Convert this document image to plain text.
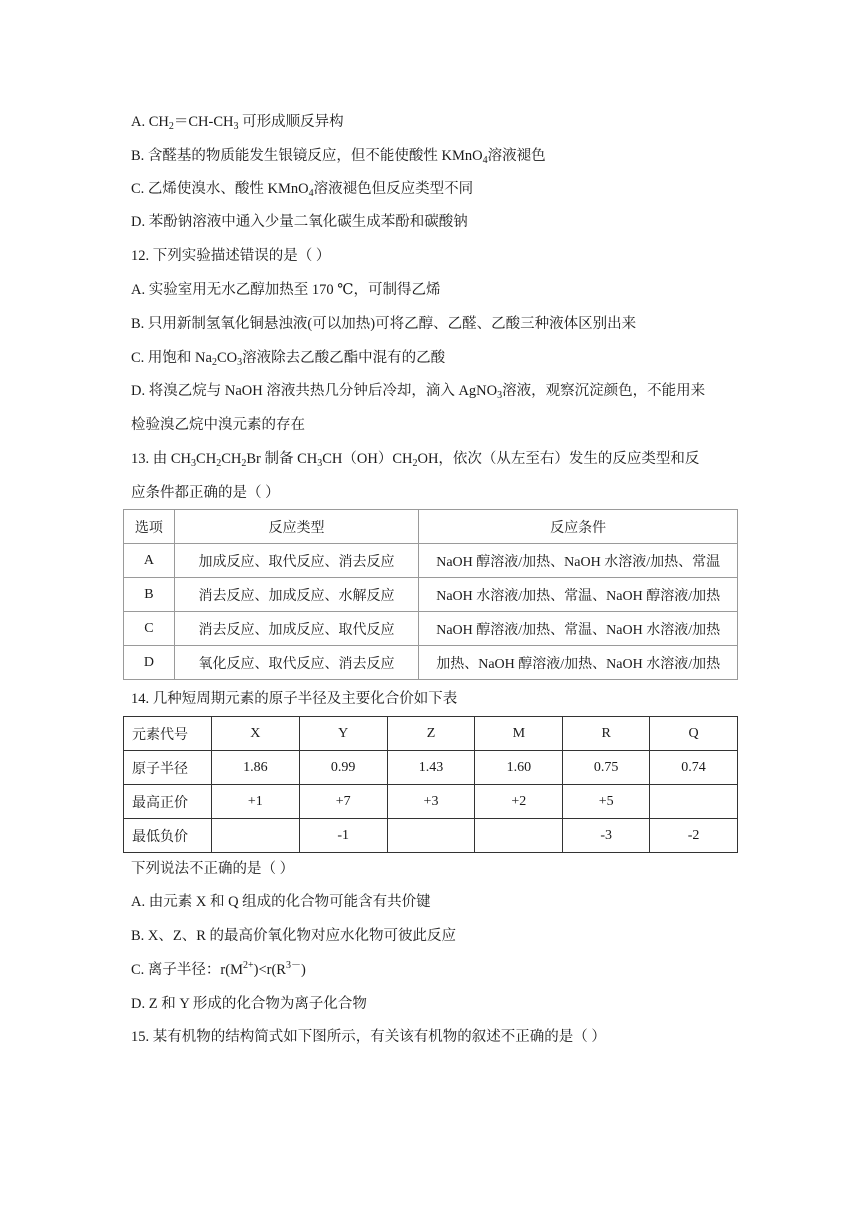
A. $CH_2=CH-CH_3$ 可形成顺反异构
B. 含醛基的物质能发生银镜反应，但不能使酸性 KMnO$_4$溶液褪色
C. 乙烯使溴水、酸性 KMnO$_4$溶液褪色但反应类型不同
D. 苯酚钠溶液中通入少量二氧化碳生成苯酚和碳酸钠
12. 下列实验描述错误的是（ ）
A. 实验室用无水乙醇加热至 170 ℃，可制得乙烯
B. 只用新制氢氧化铜悬浊液(可以加热)可将乙醇、乙醛、乙酸三种液体区别出来
C. 用饱和 $Na_2CO_3$溶液除去乙酸乙酯中混有的乙酸
D. 将溴乙烷与 NaOH 溶液共热几分钟后冷却，滴入 AgNO$_3$溶液，观察沉淀颜色，不能用来
检验溴乙烷中溴元素的存在
13. 由 $CH_3CH_2CH_2Br$ 制备 $CH_3CH(OH)CH_2OH$，依次（从左至右）发生的反应类型和反
应条件都正确的是（ ）
选项	反应类型	反应条件
A	加成反应、取代反应、消去反应	NaOH 醇溶液/加热、NaOH 水溶液/加热、常温
B	消去反应、加成反应、水解反应	NaOH 水溶液/加热、常温、NaOH 醇溶液/加热
C	消去反应、加成反应、取代反应	NaOH 醇溶液/加热、常温、NaOH 水溶液/加热
D	氧化反应、取代反应、消去反应	加热、NaOH 醇溶液/加热、NaOH 水溶液/加热
14. 几种短周期元素的原子半径及主要化合价如下表
元素代号	X	Y	Z	M	R	Q
原子半径	1.86	0.99	1.43	1.60	0.75	0.74
最高正价	+1	+7	+3	+2	+5	
最低负价		-1			-3	-2
下列说法不正确的是（ ）
A. 由元素 X 和 Q 组成的化合物可能含有共价键
B. X、Z、R 的最高价氧化物对应水化物可彼此反应
C. 离子半径：$r(M^{2+})<r(R^{3-})$
D. Z 和 Y 形成的化合物为离子化合物
15. 某有机物的结构简式如下图所示，有关该有机物的叙述不正确的是（ ）
